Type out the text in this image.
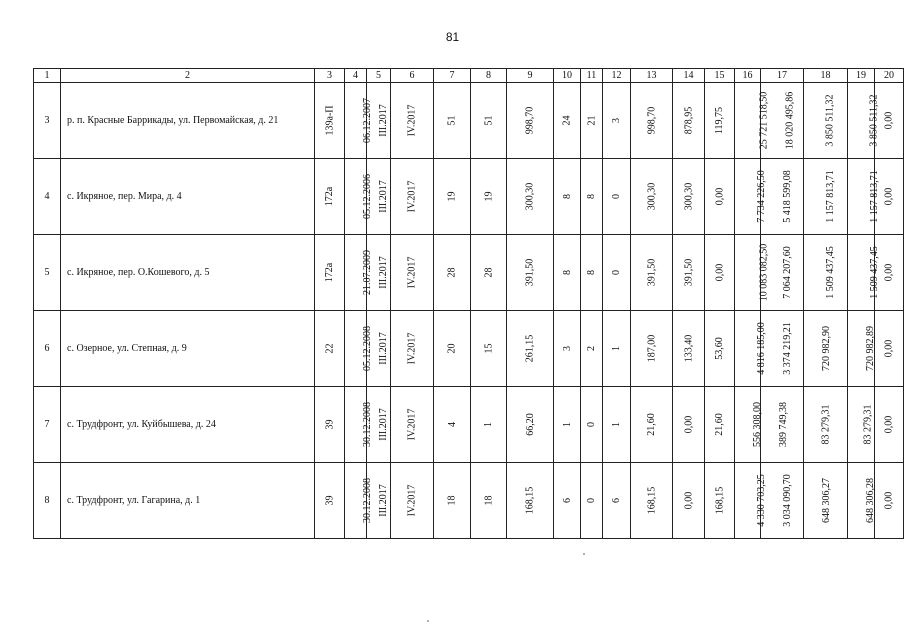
81
1	2	3	4	5	6	7	8	9	10	11	12	13	14	15	16	17	18	19	20
3	р. п. Красные Баррикады, ул. Первомайская, д. 21	139а-П	06.12.2007	III.2017	IV.2017	51	51	998,70	24	21	3	998,70	878,95	119,75	25 721 518,50	18 020 495,86	3 850 511,32	3 850 511,32	0,00
4	с. Икряное, пер. Мира, д. 4	172а	05.12.2006	III.2017	IV.2017	19	19	300,30	8	8	0	300,30	300,30	0,00	7 734 226,50	5 418 599,08	1 157 813,71	1 157 813,71	0,00
5	с. Икряное, пер. О.Кошевого, д. 5	172а	21.07.2009	III.2017	IV.2017	28	28	391,50	8	8	0	391,50	391,50	0,00	10 083 082,50	7 064 207,60	1 509 437,45	1 509 437,45	0,00
6	с. Озерное, ул. Степная, д. 9	22	05.12.2008	III.2017	IV.2017	20	15	261,15	3	2	1	187,00	133,40	53,60	4 816 185,00	3 374 219,21	720 982,90	720 982,89	0,00
7	с. Трудфронт, ул. Куйбышева, д. 24	39	30.12.2008	III.2017	IV.2017	4	1	66,20	1	0	1	21,60	0,00	21,60	556 308,00	389 749,38	83 279,31	83 279,31	0,00
8	с. Трудфронт, ул. Гагарина, д. 1	39	30.12.2008	III.2017	IV.2017	18	18	168,15	6	0	6	168,15	0,00	168,15	4 330 703,25	3 034 090,70	648 306,27	648 306,28	0,00
